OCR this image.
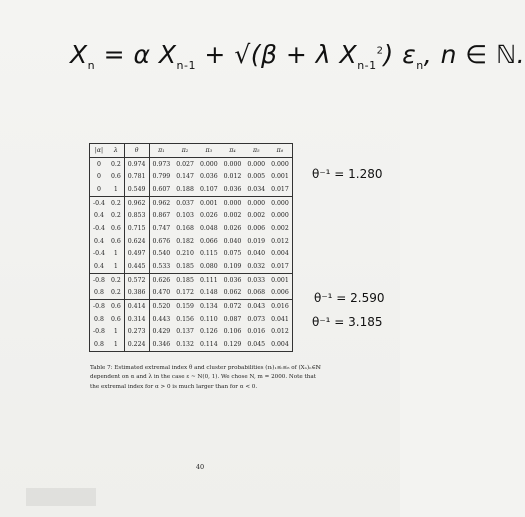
$X_n = \alpha$ $X_{n-1} + √(\beta + \lambda$ $X_{n-1}^2$) $\varepsilon_n$, n ∈ ℕ.
|α|	λ	θ	π₁	π₂	π₃	π₄	π₅	π₆
0	0.2	0.974	0.973	0.027	0.000	0.000	0.000	0.000
0	0.6	0.781	0.799	0.147	0.036	0.012	0.005	0.001
0	1	0.549	0.607	0.188	0.107	0.036	0.034	0.017
-0.4	0.2	0.962	0.962	0.037	0.001	0.000	0.000	0.000
0.4	0.2	0.853	0.867	0.103	0.026	0.002	0.002	0.000
-0.4	0.6	0.715	0.747	0.168	0.048	0.026	0.006	0.002
0.4	0.6	0.624	0.676	0.182	0.066	0.040	0.019	0.012
-0.4	1	0.497	0.540	0.210	0.115	0.075	0.040	0.004
0.4	1	0.445	0.533	0.185	0.080	0.109	0.032	0.017
-0.8	0.2	0.572	0.626	0.185	0.111	0.036	0.033	0.001
0.8	0.2	0.386	0.470	0.172	0.148	0.062	0.068	0.006
-0.8	0.6	0.414	0.520	0.159	0.134	0.072	0.043	0.016
0.8	0.6	0.314	0.443	0.156	0.110	0.087	0.073	0.041
-0.8	1	0.273	0.429	0.137	0.126	0.106	0.016	0.012
0.8	1	0.224	0.346	0.132	0.114	0.129	0.045	0.004
θ⁻¹ = 1.280
θ⁻¹ = 2.590
θ⁻¹ = 3.185
Table 7: Estimated extremal index θ and cluster probabilities (πᵢ)₁≤ᵢ≤₆ of (Xₙ)ₙ∈ℕ dependent on α and λ in the case ε ~ N(0, 1). We chose N, m = 2000. Note that the extremal index for α > 0 is much larger than for α < 0.
40
